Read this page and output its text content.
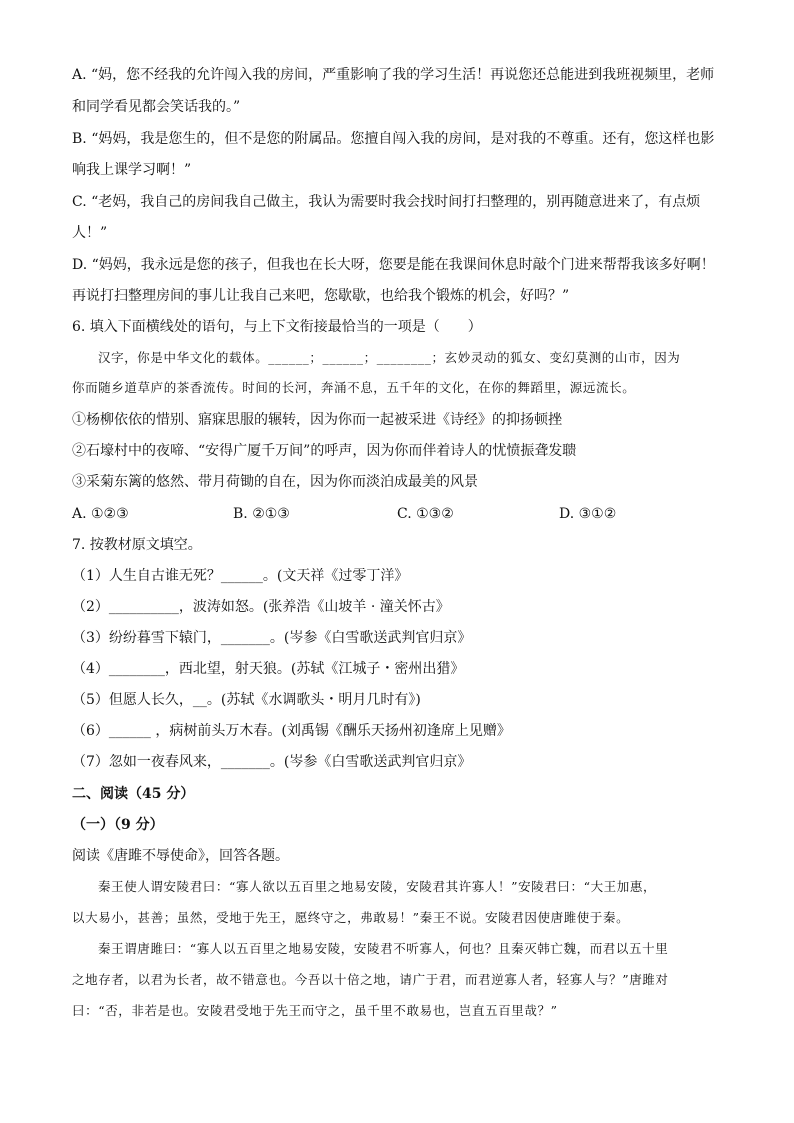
A. “妈，您不经我的允许闯入我的房间，严重影响了我的学习生活！再说您还总能进到我班视频里，老师
和同学看见都会笑话我的。”
B. “妈妈，我是您生的，但不是您的附属品。您擅自闯入我的房间，是对我的不尊重。还有，您这样也影
响我上课学习啊！”
C. “老妈，我自己的房间我自己做主，我认为需要时我会找时间打扫整理的，别再随意进来了，有点烦
人！”
D. “妈妈，我永远是您的孩子，但我也在长大呀，您要是能在我课间休息时敲个门进来帮帮我该多好啊！
再说打扫整理房间的事儿让我自己来吧，您歇歇，也给我个锻炼的机会，好吗？”
6. 填入下面横线处的语句，与上下文衔接最恰当的一项是（　　）
汉字，你是中华文化的载体。______；______；________；玄妙灵动的狐女、变幻莫测的山市，因为
你而随乡道草庐的茶香流传。时间的长河，奔涌不息，五千年的文化，在你的舞蹈里，源远流长。
①杨柳依依的惜别、寤寐思服的辗转，因为你而一起被采进《诗经》的抑扬顿挫
②石壕村中的夜啼、“安得广厦千万间”的呼声，因为你而伴着诗人的忧愤振聋发聩
③采菊东篱的悠然、带月荷锄的自在，因为你而淡泊成最美的风景
A. ①②③	B. ②①③	C. ①③②	D. ③①②
7. 按教材原文填空。
（1）人生自古谁无死？______。(文天祥《过零丁洋》
（2）__________，波涛如怒。(张养浩《山坡羊 · 潼关怀古》
（3）纷纷暮雪下辕门，_______。(岑参《白雪歌送武判官归京》
（4）________，西北望，射天狼。(苏轼《江城子・密州出猎》
（5）但愿人长久，__。(苏轼《水调歌头・明月几时有》)
（6）______ ，病树前头万木春。(刘禹锡《酬乐天扬州初逢席上见赠》
（7）忽如一夜春风来，_______。(岑参《白雪歌送武判官归京》
二、阅读（45 分）
（一）（9 分）
阅读《唐雎不辱使命》，回答各题。
秦王使人谓安陵君曰：“寡人欲以五百里之地易安陵，安陵君其许寡人！”安陵君曰：“大王加惠，
以大易小，甚善；虽然，受地于先王，愿终守之，弗敢易！”秦王不说。安陵君因使唐雎使于秦。
秦王谓唐雎曰：“寡人以五百里之地易安陵，安陵君不听寡人，何也？且秦灭韩亡魏，而君以五十里
之地存者，以君为长者，故不错意也。今吾以十倍之地，请广于君，而君逆寡人者，轻寡人与？”唐雎对
曰：“否，非若是也。安陵君受地于先王而守之，虽千里不敢易也，岂直五百里哉？”
